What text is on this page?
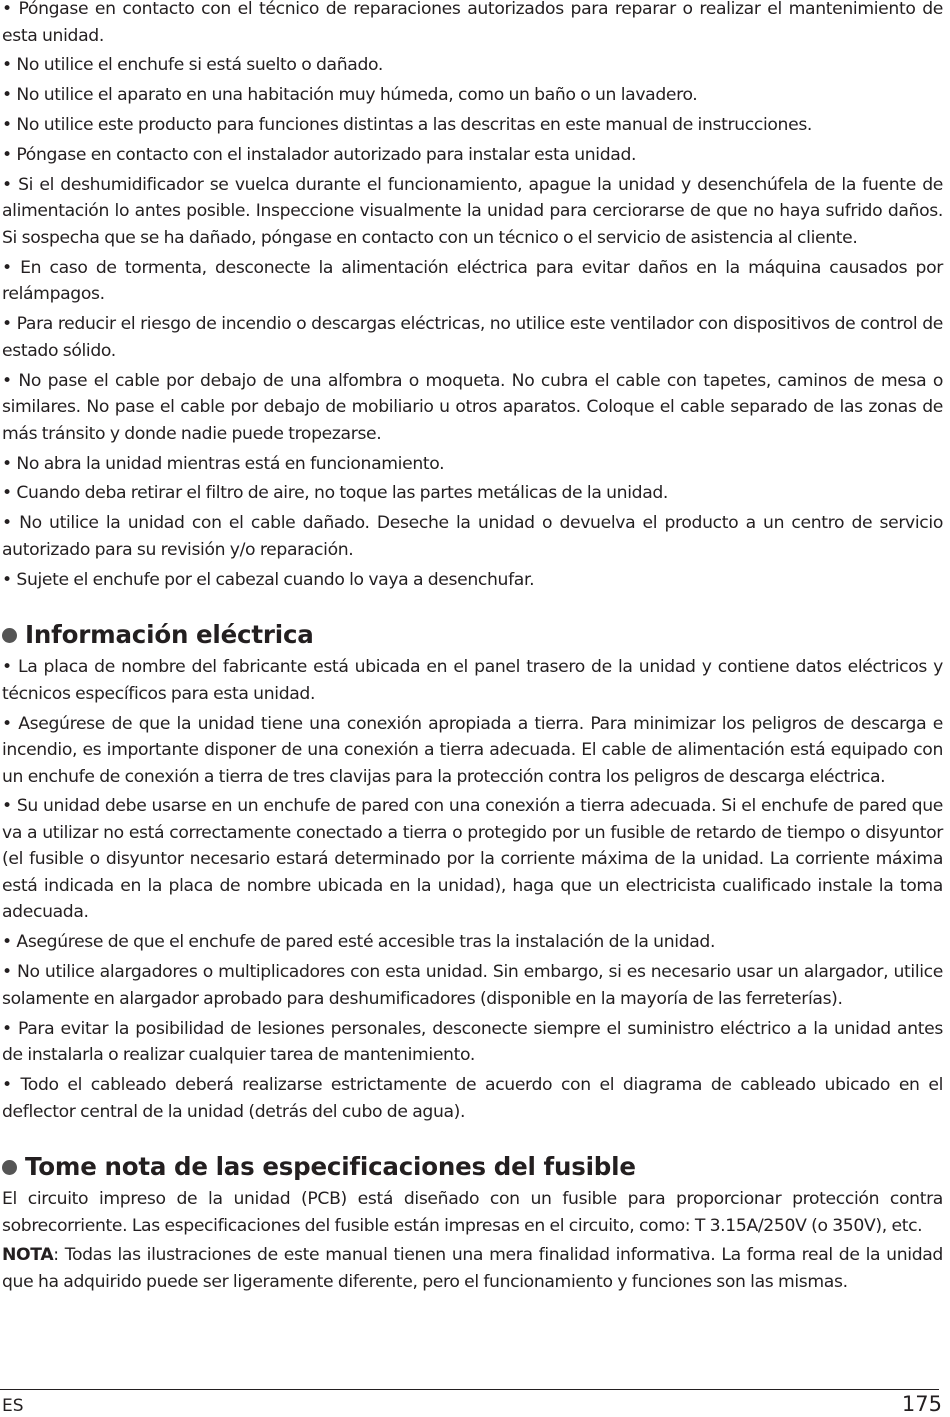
• Póngase en contacto con el técnico de reparaciones autorizados para reparar o realizar el mantenimiento de esta unidad.

• No utilice el enchufe si está suelto o dañado.

• No utilice el aparato en una habitación muy húmeda, como un baño o un lavadero.

• No utilice este producto para funciones distintas a las descritas en este manual de instrucciones.

• Póngase en contacto con el instalador autorizado para instalar esta unidad.

• Si el deshumidificador se vuelca durante el funcionamiento, apague la unidad y desenchúfela de la fuente de alimentación lo antes posible. Inspeccione visualmente la unidad para cerciorarse de que no haya sufrido daños. Si sospecha que se ha dañado, póngase en contacto con un técnico o el servicio de asistencia al cliente.

• En caso de tormenta, desconecte la alimentación eléctrica para evitar daños en la máquina causados por relámpagos.

• Para reducir el riesgo de incendio o descargas eléctricas, no utilice este ventilador con dispositivos de control de estado sólido.

• No pase el cable por debajo de una alfombra o moqueta. No cubra el cable con tapetes, caminos de mesa o similares. No pase el cable por debajo de mobiliario u otros aparatos. Coloque el cable separado de las zonas de más tránsito y donde nadie puede tropezarse.

• No abra la unidad mientras está en funcionamiento.

• Cuando deba retirar el filtro de aire, no toque las partes metálicas de la unidad.

• No utilice la unidad con el cable dañado. Deseche la unidad o devuelva el producto a un centro de servicio autorizado para su revisión y/o reparación.

• Sujete el enchufe por el cabezal cuando lo vaya a desenchufar.

Información eléctrica

• La placa de nombre del fabricante está ubicada en el panel trasero de la unidad y contiene datos eléctricos y técnicos específicos para esta unidad.

• Asegúrese de que la unidad tiene una conexión apropiada a tierra. Para minimizar los peligros de descarga e incendio, es importante disponer de una conexión a tierra adecuada. El cable de alimentación está equipado con un enchufe de conexión a tierra de tres clavijas para la protección contra los peligros de descarga eléctrica.

• Su unidad debe usarse en un enchufe de pared con una conexión a tierra adecuada. Si el enchufe de pared que va a utilizar no está correctamente conectado a tierra o protegido por un fusible de retardo de tiempo o disyuntor (el fusible o disyuntor necesario estará determinado por la corriente máxima de la unidad. La corriente máxima está indicada en la placa de nombre ubicada en la unidad), haga que un electricista cualificado instale la toma adecuada.

• Asegúrese de que el enchufe de pared esté accesible tras la instalación de la unidad.

• No utilice alargadores o multiplicadores con esta unidad. Sin embargo, si es necesario usar un alargador, utilice solamente en alargador aprobado para deshumificadores (disponible en la mayoría de las ferreterías).

• Para evitar la posibilidad de lesiones personales, desconecte siempre el suministro eléctrico a la unidad antes de instalarla o realizar cualquier tarea de mantenimiento.

• Todo el cableado deberá realizarse estrictamente de acuerdo con el diagrama de cableado ubicado en el deflector central de la unidad (detrás del cubo de agua).

Tome nota de las especificaciones del fusible

El circuito impreso de la unidad (PCB) está diseñado con un fusible para proporcionar protección contra sobrecorriente. Las especificaciones del fusible están impresas en el circuito, como: T 3.15A/250V (o 350V), etc.

NOTA: Todas las ilustraciones de este manual tienen una mera finalidad informativa. La forma real de la unidad que ha adquirido puede ser ligeramente diferente, pero el funcionamiento y funciones son las mismas.

ES	175
